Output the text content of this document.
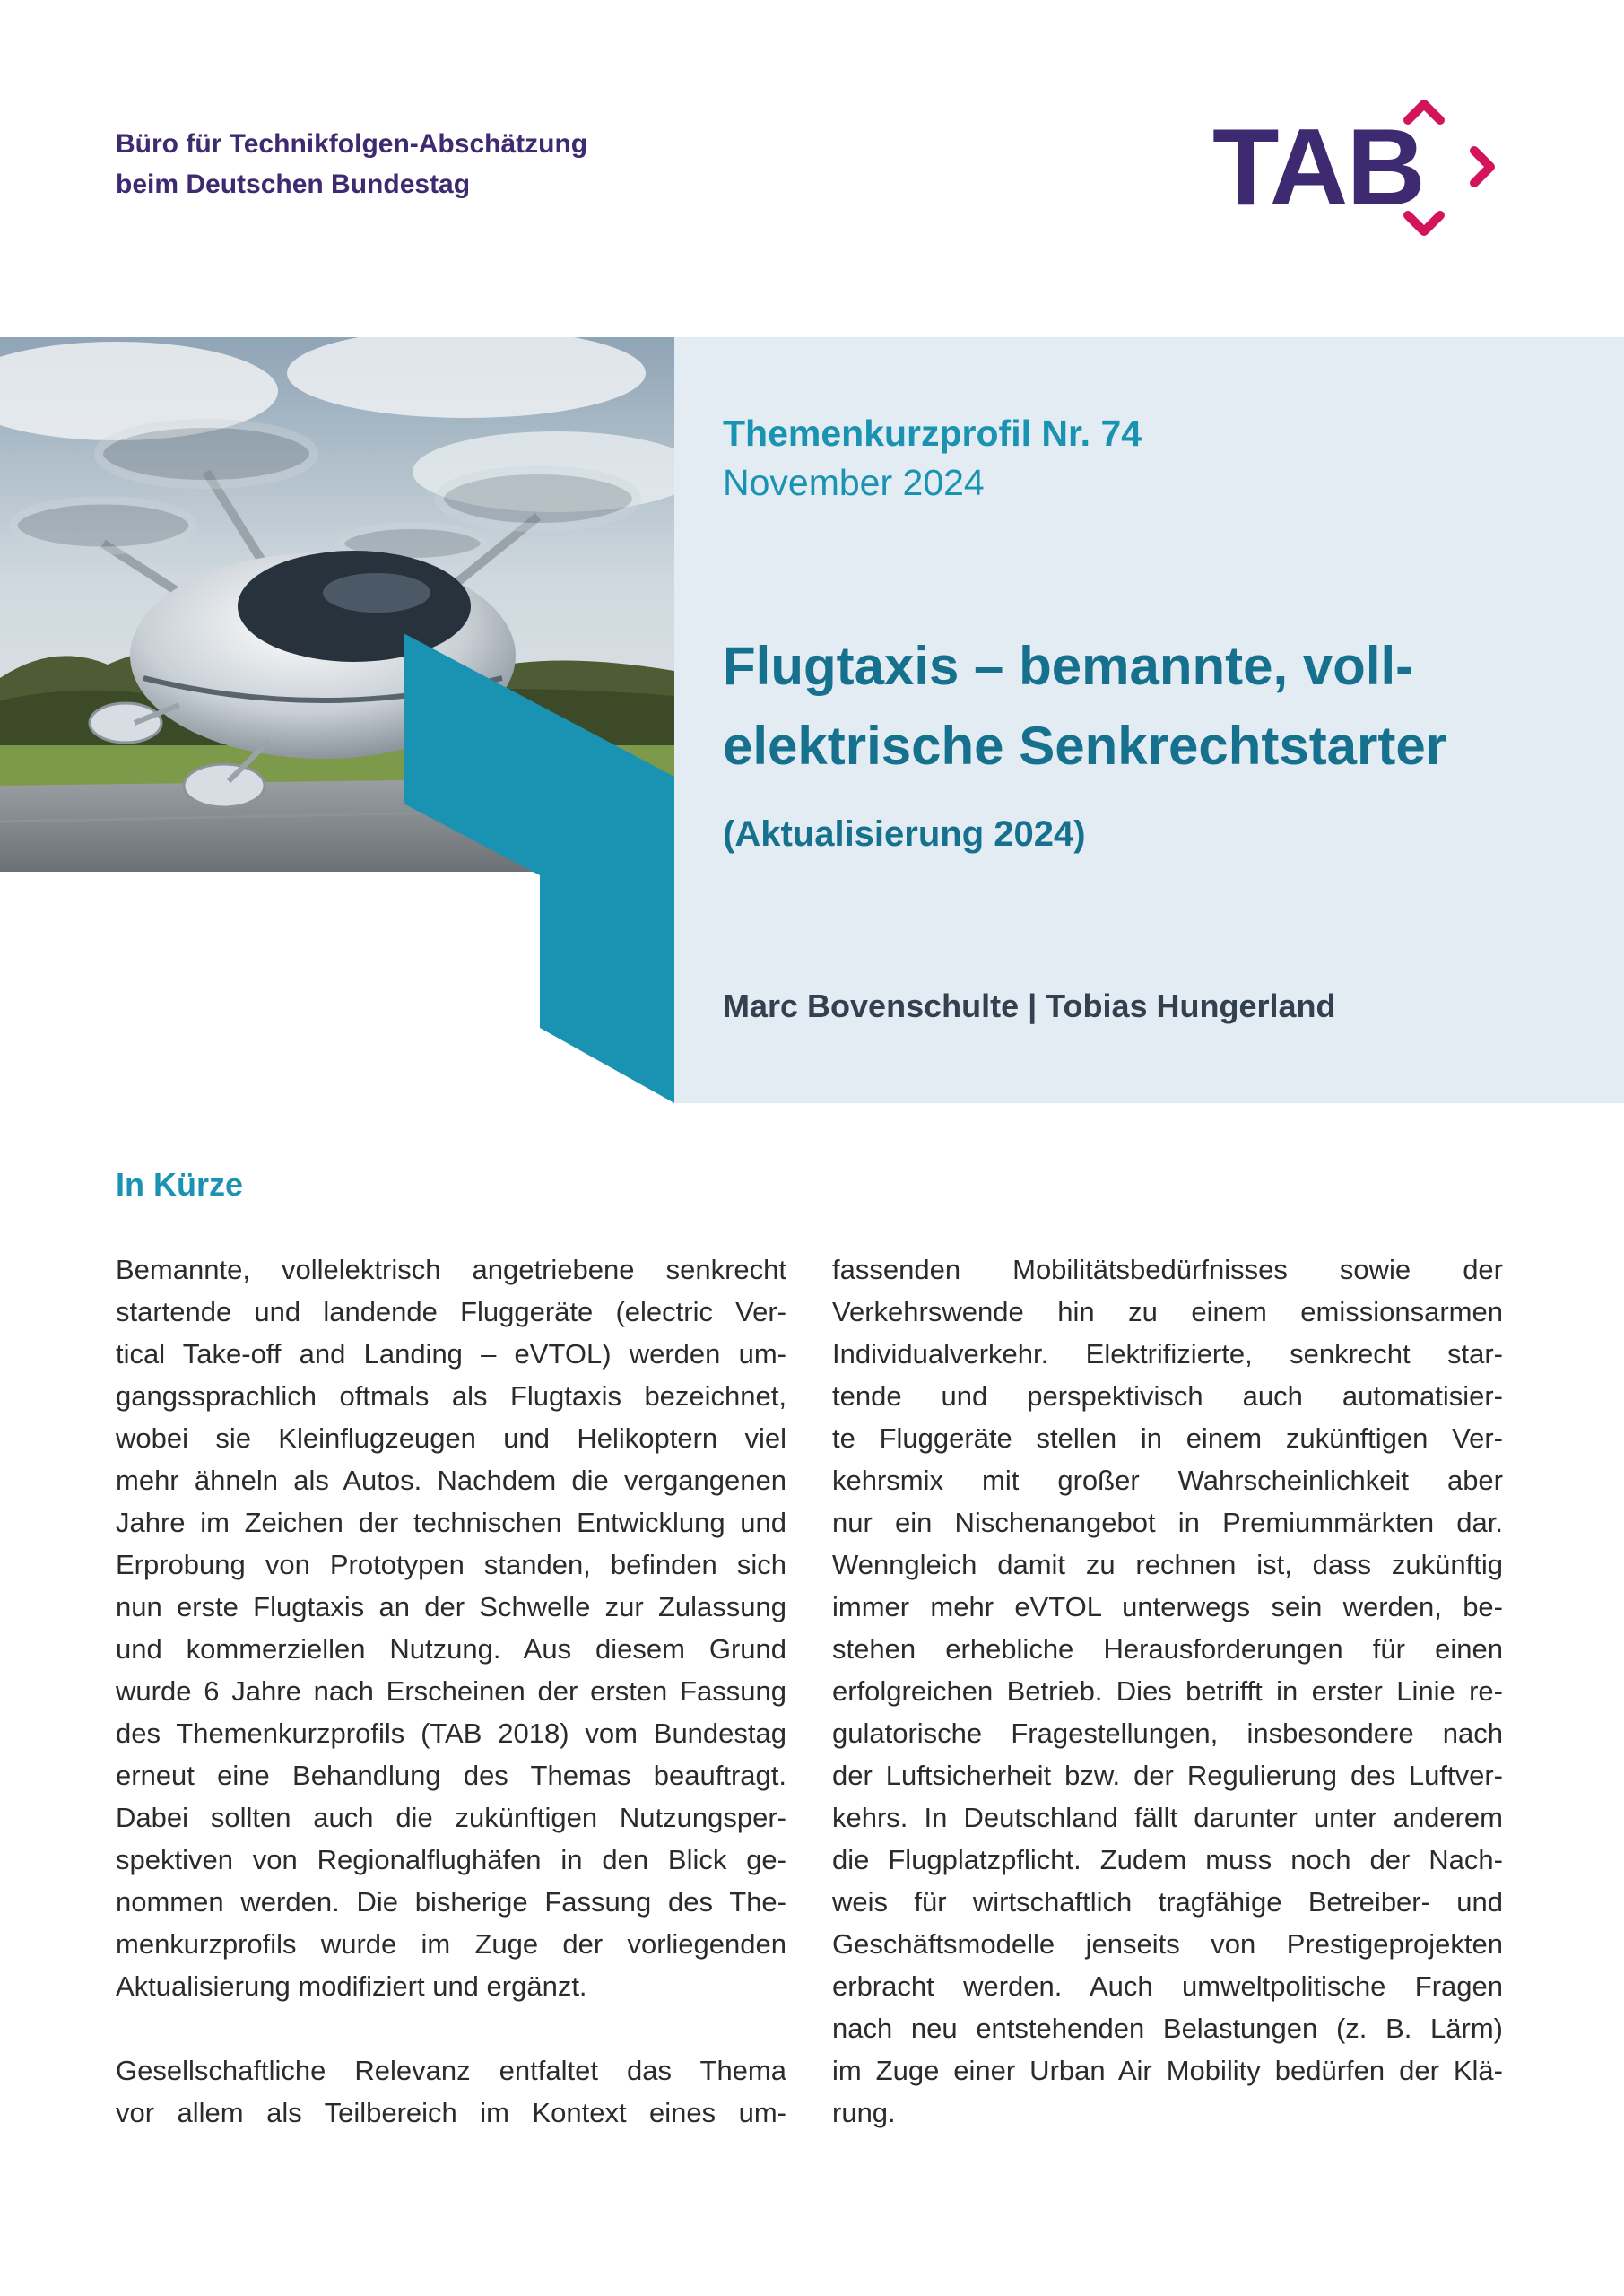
Büro für Technikfolgen-Abschätzung
beim Deutschen Bundestag	TAB
Themenkurzprofil Nr. 74
November 2024
Flugtaxis – bemannte, voll-
elektrische Senkrechtstarter
(Aktualisierung 2024)
Marc Bovenschulte | Tobias Hungerland
In Kürze
Bemannte, vollelektrisch angetriebene senkrecht
startende und landende Fluggeräte (electric Ver-
tical Take-off and Landing – eVTOL) werden um-
gangssprachlich oftmals als Flugtaxis bezeichnet,
wobei sie Kleinflugzeugen und Helikoptern viel
mehr ähneln als Autos. Nachdem die vergangenen
Jahre im Zeichen der technischen Entwicklung und
Erprobung von Prototypen standen, befinden sich
nun erste Flugtaxis an der Schwelle zur Zulassung
und kommerziellen Nutzung. Aus diesem Grund
wurde 6 Jahre nach Erscheinen der ersten Fassung
des Themenkurzprofils (TAB 2018) vom Bundestag
erneut eine Behandlung des Themas beauftragt.
Dabei sollten auch die zukünftigen Nutzungsper-
spektiven von Regionalflughäfen in den Blick ge-
nommen werden. Die bisherige Fassung des The-
menkurzprofils wurde im Zuge der vorliegenden
Aktualisierung modifiziert und ergänzt.
Gesellschaftliche Relevanz entfaltet das Thema
vor allem als Teilbereich im Kontext eines um-
fassenden Mobilitätsbedürfnisses sowie der
Verkehrswende hin zu einem emissionsarmen
Individualverkehr. Elektrifizierte, senkrecht star-
tende und perspektivisch auch automatisier-
te Fluggeräte stellen in einem zukünftigen Ver-
kehrsmix mit großer Wahrscheinlichkeit aber
nur ein Nischenangebot in Premiummärkten dar.
Wenngleich damit zu rechnen ist, dass zukünftig
immer mehr eVTOL unterwegs sein werden, be-
stehen erhebliche Herausforderungen für einen
erfolgreichen Betrieb. Dies betrifft in erster Linie re-
gulatorische Fragestellungen, insbesondere nach
der Luftsicherheit bzw. der Regulierung des Luftver-
kehrs. In Deutschland fällt darunter unter anderem
die Flugplatzpflicht. Zudem muss noch der Nach-
weis für wirtschaftlich tragfähige Betreiber- und
Geschäftsmodelle jenseits von Prestigeprojekten
erbracht werden. Auch umweltpolitische Fragen
nach neu entstehenden Belastungen (z. B. Lärm)
im Zuge einer Urban Air Mobility bedürfen der Klä-
rung.
